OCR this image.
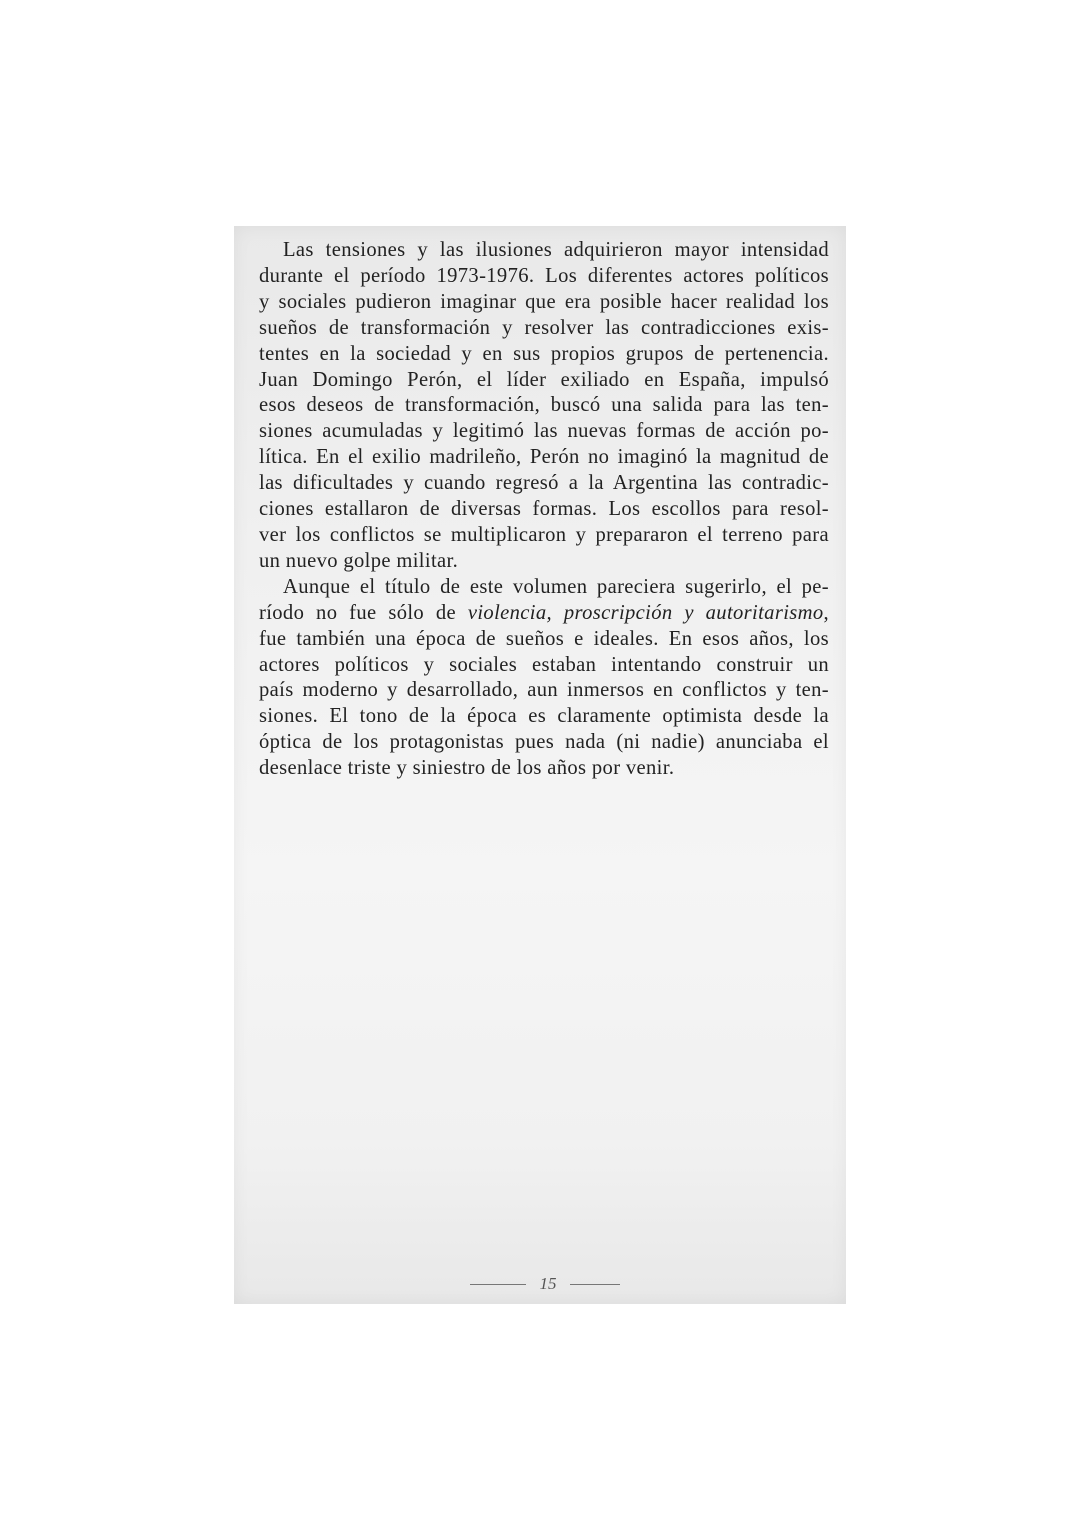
Las tensiones y las ilusiones adquirieron mayor intensidad
durante el período 1973-1976. Los diferentes actores políticos
y sociales pudieron imaginar que era posible hacer realidad los
sueños de transformación y resolver las contradicciones exis-
tentes en la sociedad y en sus propios grupos de pertenencia.
Juan Domingo Perón, el líder exiliado en España, impulsó
esos deseos de transformación, buscó una salida para las ten-
siones acumuladas y legitimó las nuevas formas de acción po-
lítica. En el exilio madrileño, Perón no imaginó la magnitud de
las dificultades y cuando regresó a la Argentina las contradic-
ciones estallaron de diversas formas. Los escollos para resol-
ver los conflictos se multiplicaron y prepararon el terreno para
un nuevo golpe militar.
Aunque el título de este volumen pareciera sugerirlo, el pe-
ríodo no fue sólo de violencia, proscripción y autoritarismo,
fue también una época de sueños e ideales. En esos años, los
actores políticos y sociales estaban intentando construir un
país moderno y desarrollado, aun inmersos en conflictos y ten-
siones. El tono de la época es claramente optimista desde la
óptica de los protagonistas pues nada (ni nadie) anunciaba el
desenlace triste y siniestro de los años por venir.
15
